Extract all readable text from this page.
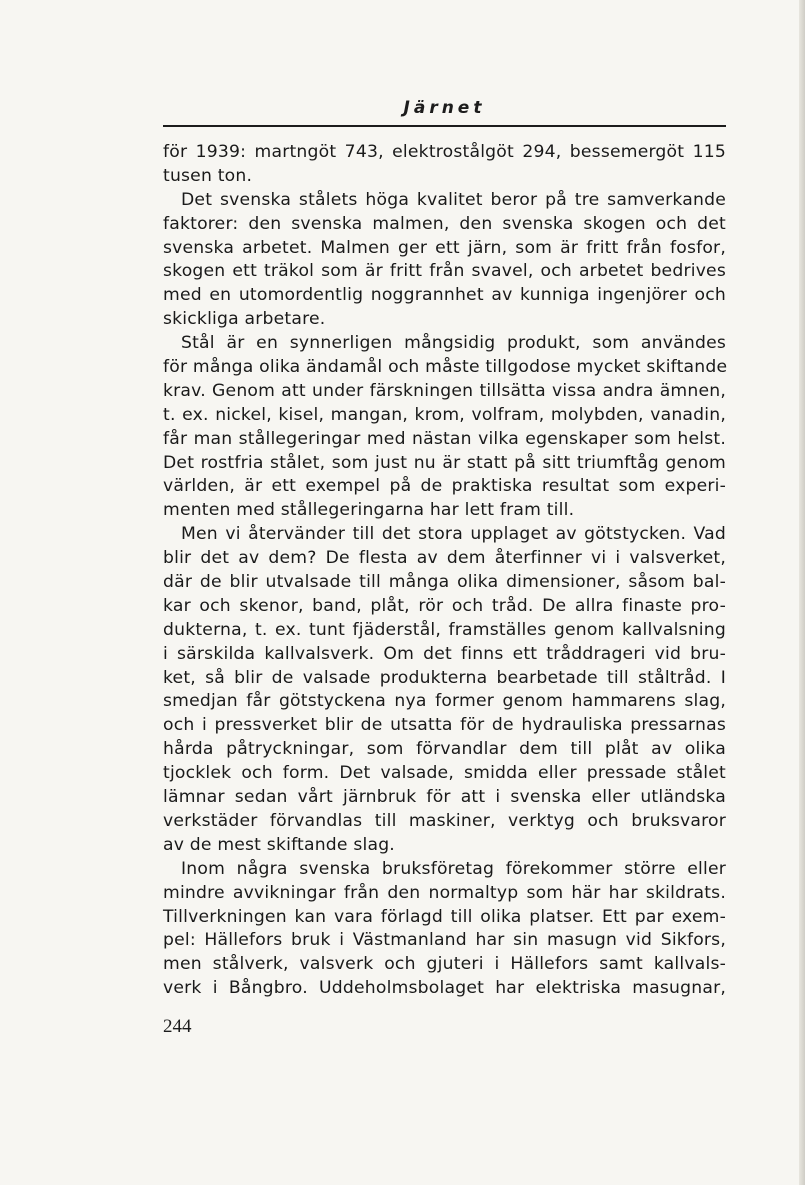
Järnet
för 1939: martngöt 743, elektrostålgöt 294, bessemergöt 115
tusen ton.
Det svenska stålets höga kvalitet beror på tre samverkande
faktorer: den svenska malmen, den svenska skogen och det
svenska arbetet. Malmen ger ett järn, som är fritt från fosfor,
skogen ett träkol som är fritt från svavel, och arbetet bedrives
med en utomordentlig noggrannhet av kunniga ingenjörer och
skickliga arbetare.
Stål är en synnerligen mångsidig produkt, som användes
för många olika ändamål och måste tillgodose mycket skiftande
krav. Genom att under färskningen tillsätta vissa andra ämnen,
t. ex. nickel, kisel, mangan, krom, volfram, molybden, vanadin,
får man stållegeringar med nästan vilka egenskaper som helst.
Det rostfria stålet, som just nu är statt på sitt triumftåg genom
världen, är ett exempel på de praktiska resultat som experi-
menten med stållegeringarna har lett fram till.
Men vi återvänder till det stora upplaget av götstycken. Vad
blir det av dem? De flesta av dem återfinner vi i valsverket,
där de blir utvalsade till många olika dimensioner, såsom bal-
kar och skenor, band, plåt, rör och tråd. De allra finaste pro-
dukterna, t. ex. tunt fjäderstål, framställes genom kallvalsning
i särskilda kallvalsverk. Om det finns ett tråddrageri vid bru-
ket, så blir de valsade produkterna bearbetade till ståltråd. I
smedjan får götstyckena nya former genom hammarens slag,
och i pressverket blir de utsatta för de hydrauliska pressarnas
hårda påtryckningar, som förvandlar dem till plåt av olika
tjocklek och form. Det valsade, smidda eller pressade stålet
lämnar sedan vårt järnbruk för att i svenska eller utländska
verkstäder förvandlas till maskiner, verktyg och bruksvaror
av de mest skiftande slag.
Inom några svenska bruksföretag förekommer större eller
mindre avvikningar från den normaltyp som här har skildrats.
Tillverkningen kan vara förlagd till olika platser. Ett par exem-
pel: Hällefors bruk i Västmanland har sin masugn vid Sikfors,
men stålverk, valsverk och gjuteri i Hällefors samt kallvals-
verk i Bångbro. Uddeholmsbolaget har elektriska masugnar,
244
